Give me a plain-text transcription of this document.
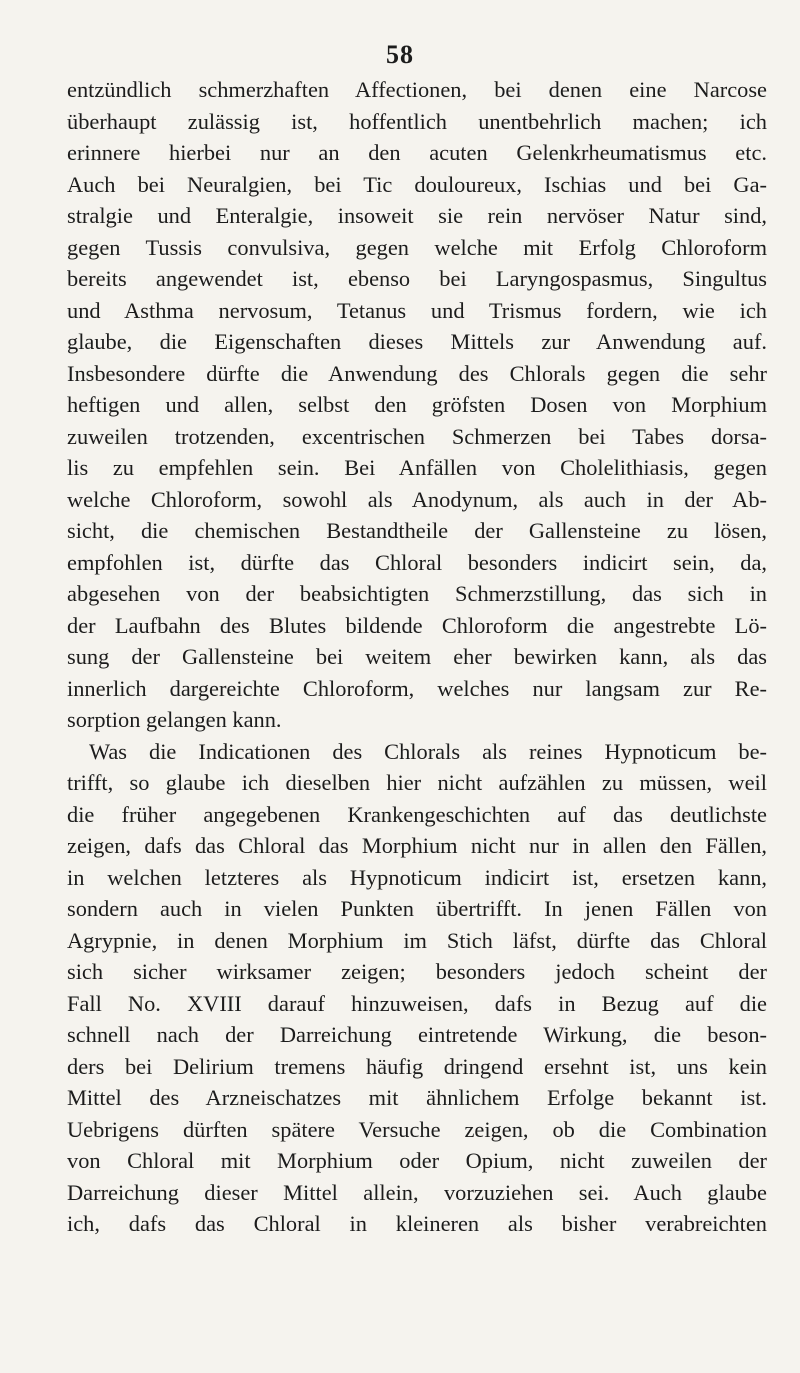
58
entzündlich schmerzhaften Affectionen, bei denen eine Narcose
überhaupt zulässig ist, hoffentlich unentbehrlich machen; ich
erinnere hierbei nur an den acuten Gelenkrheumatismus etc.
Auch bei Neuralgien, bei Tic douloureux, Ischias und bei Ga-
stralgie und Enteralgie, insoweit sie rein nervöser Natur sind,
gegen Tussis convulsiva, gegen welche mit Erfolg Chloroform
bereits angewendet ist, ebenso bei Laryngospasmus, Singultus
und Asthma nervosum, Tetanus und Trismus fordern, wie ich
glaube, die Eigenschaften dieses Mittels zur Anwendung auf.
Insbesondere dürfte die Anwendung des Chlorals gegen die sehr
heftigen und allen, selbst den gröfsten Dosen von Morphium
zuweilen trotzenden, excentrischen Schmerzen bei Tabes dorsa-
lis zu empfehlen sein. Bei Anfällen von Cholelithiasis, gegen
welche Chloroform, sowohl als Anodynum, als auch in der Ab-
sicht, die chemischen Bestandtheile der Gallensteine zu lösen,
empfohlen ist, dürfte das Chloral besonders indicirt sein, da,
abgesehen von der beabsichtigten Schmerzstillung, das sich in
der Laufbahn des Blutes bildende Chloroform die angestrebte Lö-
sung der Gallensteine bei weitem eher bewirken kann, als das
innerlich dargereichte Chloroform, welches nur langsam zur Re-
sorption gelangen kann.
Was die Indicationen des Chlorals als reines Hypnoticum be-
trifft, so glaube ich dieselben hier nicht aufzählen zu müssen, weil
die früher angegebenen Krankengeschichten auf das deutlichste
zeigen, dafs das Chloral das Morphium nicht nur in allen den Fällen,
in welchen letzteres als Hypnoticum indicirt ist, ersetzen kann,
sondern auch in vielen Punkten übertrifft. In jenen Fällen von
Agrypnie, in denen Morphium im Stich läfst, dürfte das Chloral
sich sicher wirksamer zeigen; besonders jedoch scheint der
Fall No. XVIII darauf hinzuweisen, dafs in Bezug auf die
schnell nach der Darreichung eintretende Wirkung, die beson-
ders bei Delirium tremens häufig dringend ersehnt ist, uns kein
Mittel des Arzneischatzes mit ähnlichem Erfolge bekannt ist.
Uebrigens dürften spätere Versuche zeigen, ob die Combination
von Chloral mit Morphium oder Opium, nicht zuweilen der
Darreichung dieser Mittel allein, vorzuziehen sei. Auch glaube
ich, dafs das Chloral in kleineren als bisher verabreichten
